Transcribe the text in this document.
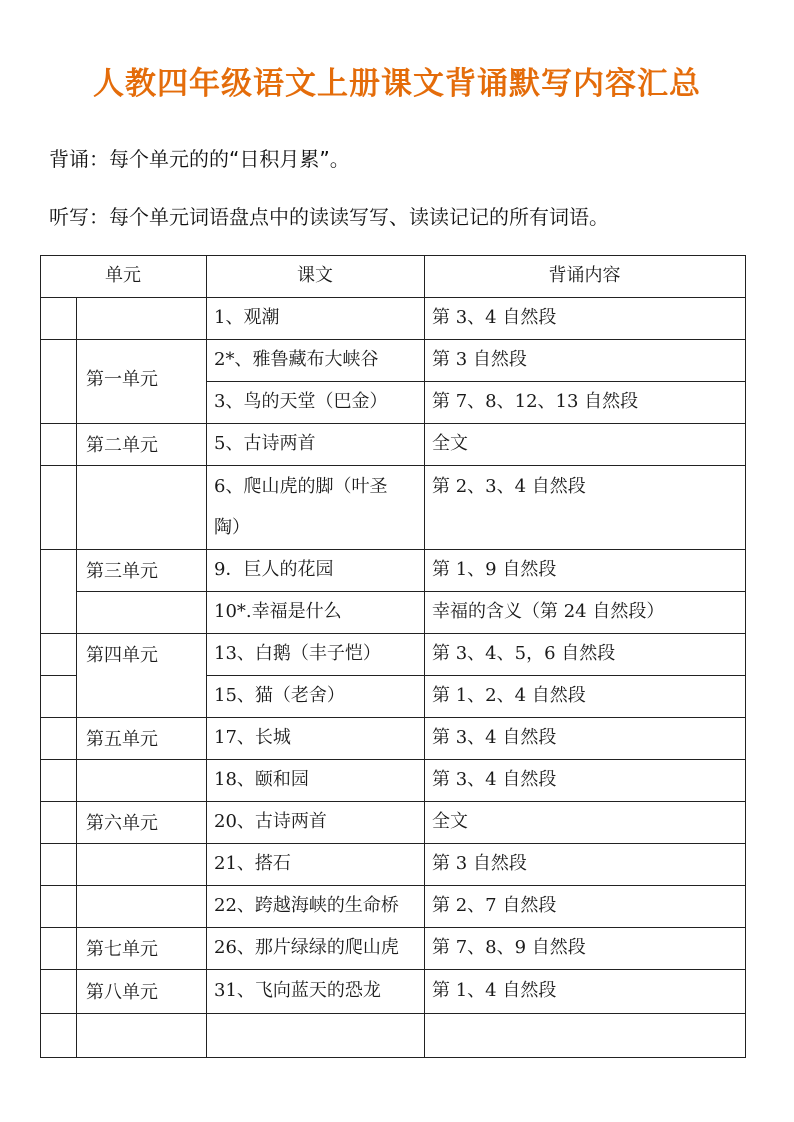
人教四年级语文上册课文背诵默写内容汇总
背诵：每个单元的的“日积月累”。
听写：每个单元词语盘点中的读读写写、读读记记的所有词语。
单元	课文	背诵内容
第一单元
第二单元
第三单元
第四单元
第五单元
第六单元
第七单元
第八单元
1、观潮
2*、雅鲁藏布大峡谷
3、鸟的天堂（巴金）
5、古诗两首
6、爬山虎的脚（叶圣
陶）
9．巨人的花园
10*.幸福是什么
13、白鹅（丰子恺）
15、猫（老舍）
17、长城
18、颐和园
20、古诗两首
21、搭石
22、跨越海峡的生命桥
26、那片绿绿的爬山虎
31、飞向蓝天的恐龙
第 3、4 自然段
第 3 自然段
第 7、8、12、13 自然段
全文
第 2、3、4 自然段
第 1、9 自然段
幸福的含义（第 24 自然段）
第 3、4、5，6 自然段
第 1、2、4 自然段
第 3、4 自然段
第 3、4 自然段
全文
第 3 自然段
第 2、7 自然段
第 7、8、9 自然段
第 1、4 自然段
